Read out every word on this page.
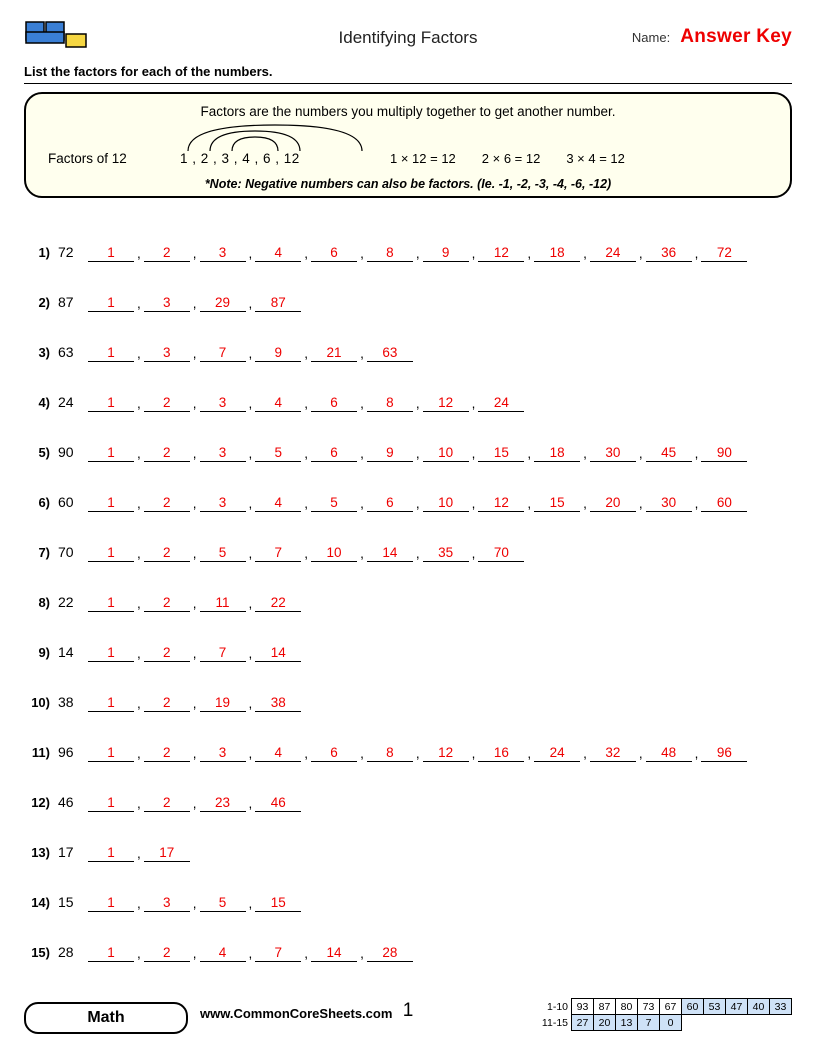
Identifying Factors	Name: Answer Key
List the factors for each of the numbers.
Factors are the numbers you multiply together to get another number.
Factors of 12	1 , 2 , 3 , 4 , 6 , 12	1 × 12 = 12 2 × 6 = 12 3 × 4 = 12
*Note: Negative numbers can also be factors. (Ie. -1, -2, -3, -4, -6, -12)
1) 72	1	,	2	,	3	,	4	,	6	,	8	,	9	,	12	,	18	,	24	,	36	,	72
2) 87	1	,	3	,	29	,	87
3) 63	1	,	3	,	7	,	9	,	21	,	63
4) 24	1	,	2	,	3	,	4	,	6	,	8	,	12	,	24
5) 90	1	,	2	,	3	,	5	,	6	,	9	,	10	,	15	,	18	,	30	,	45	,	90
6) 60	1	,	2	,	3	,	4	,	5	,	6	,	10	,	12	,	15	,	20	,	30	,	60
7) 70	1	,	2	,	5	,	7	,	10	,	14	,	35	,	70
8) 22	1	,	2	,	11	,	22
9) 14	1	,	2	,	7	,	14
10) 38	1	,	2	,	19	,	38
11) 96	1	,	2	,	3	,	4	,	6	,	8	,	12	,	16	,	24	,	32	,	48	,	96
12) 46	1	,	2	,	23	,	46
13) 17	1	,	17
14) 15	1	,	3	,	5	,	15
15) 28	1	,	2	,	4	,	7	,	14	,	28
Math	www.CommonCoreSheets.com 1	1-10	93	87	80	73	67	60	53	47	40	33
11-15	27	20	13	7	0					
